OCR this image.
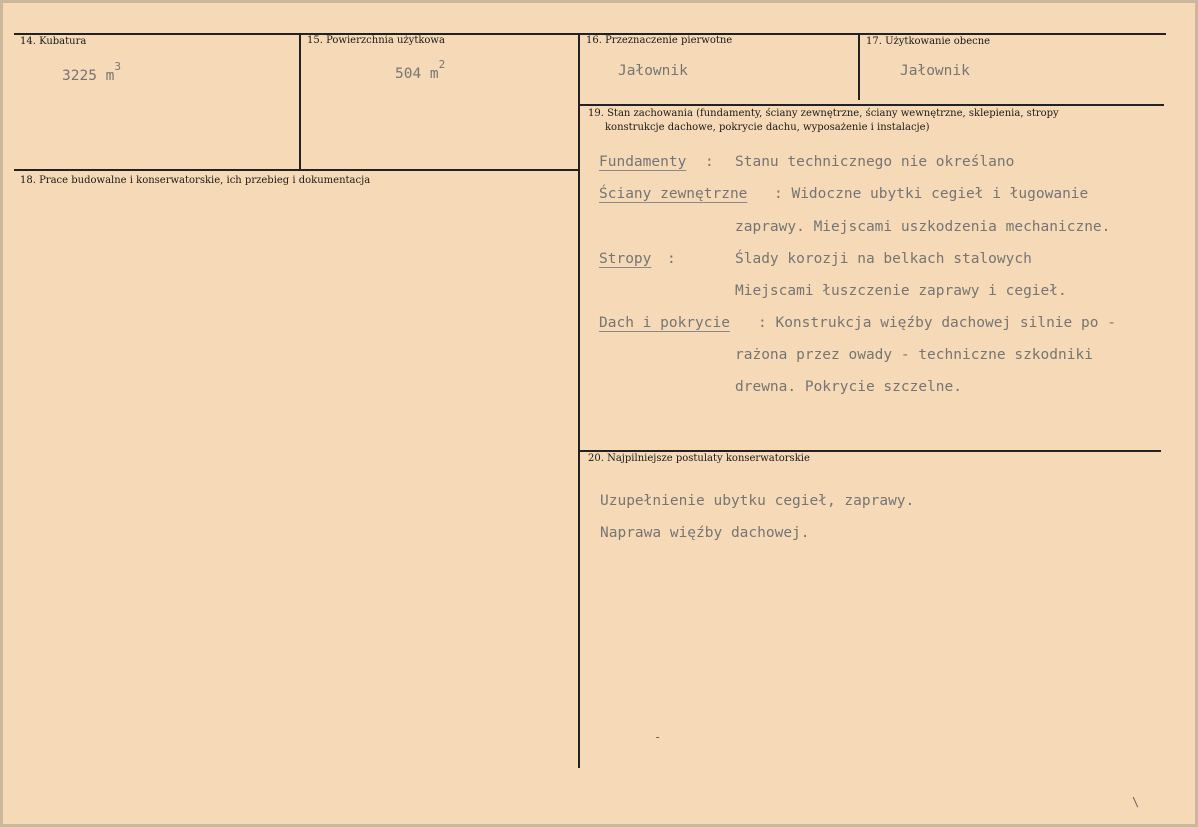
14. Kubatura
3225 $m^3$
15. Powierzchnia użytkowa
504 $m^2$
16. Przeznaczenie pierwotne
Jałownik
17. Użytkowanie obecne
Jałownik
18. Prace budowalne i konserwatorskie, ich przebieg i dokumentacja
19. Stan zachowania (fundamenty, ściany zewnętrzne, ściany wewnętrzne, sklepienia, stropy
konstrukcje dachowe, pokrycie dachu, wyposażenie i instalacje)
Fundamenty : Stanu technicznego nie określano
Ściany zewnętrzne : Widoczne ubytki cegieł i ługowanie
zaprawy. Miejscami uszkodzenia mechaniczne.
Stropy :	Ślady korozji na belkach stalowych
Miejscami łuszczenie zaprawy i cegieł.
Dach i pokrycie : Konstrukcja więźby dachowej silnie po -
rażona przez owady - techniczne szkodniki
drewna. Pokrycie szczelne.
20. Najpilniejsze postulaty konserwatorskie
Uzupełnienie ubytku cegieł, zaprawy.
Naprawa więźby dachowej.
-
\
